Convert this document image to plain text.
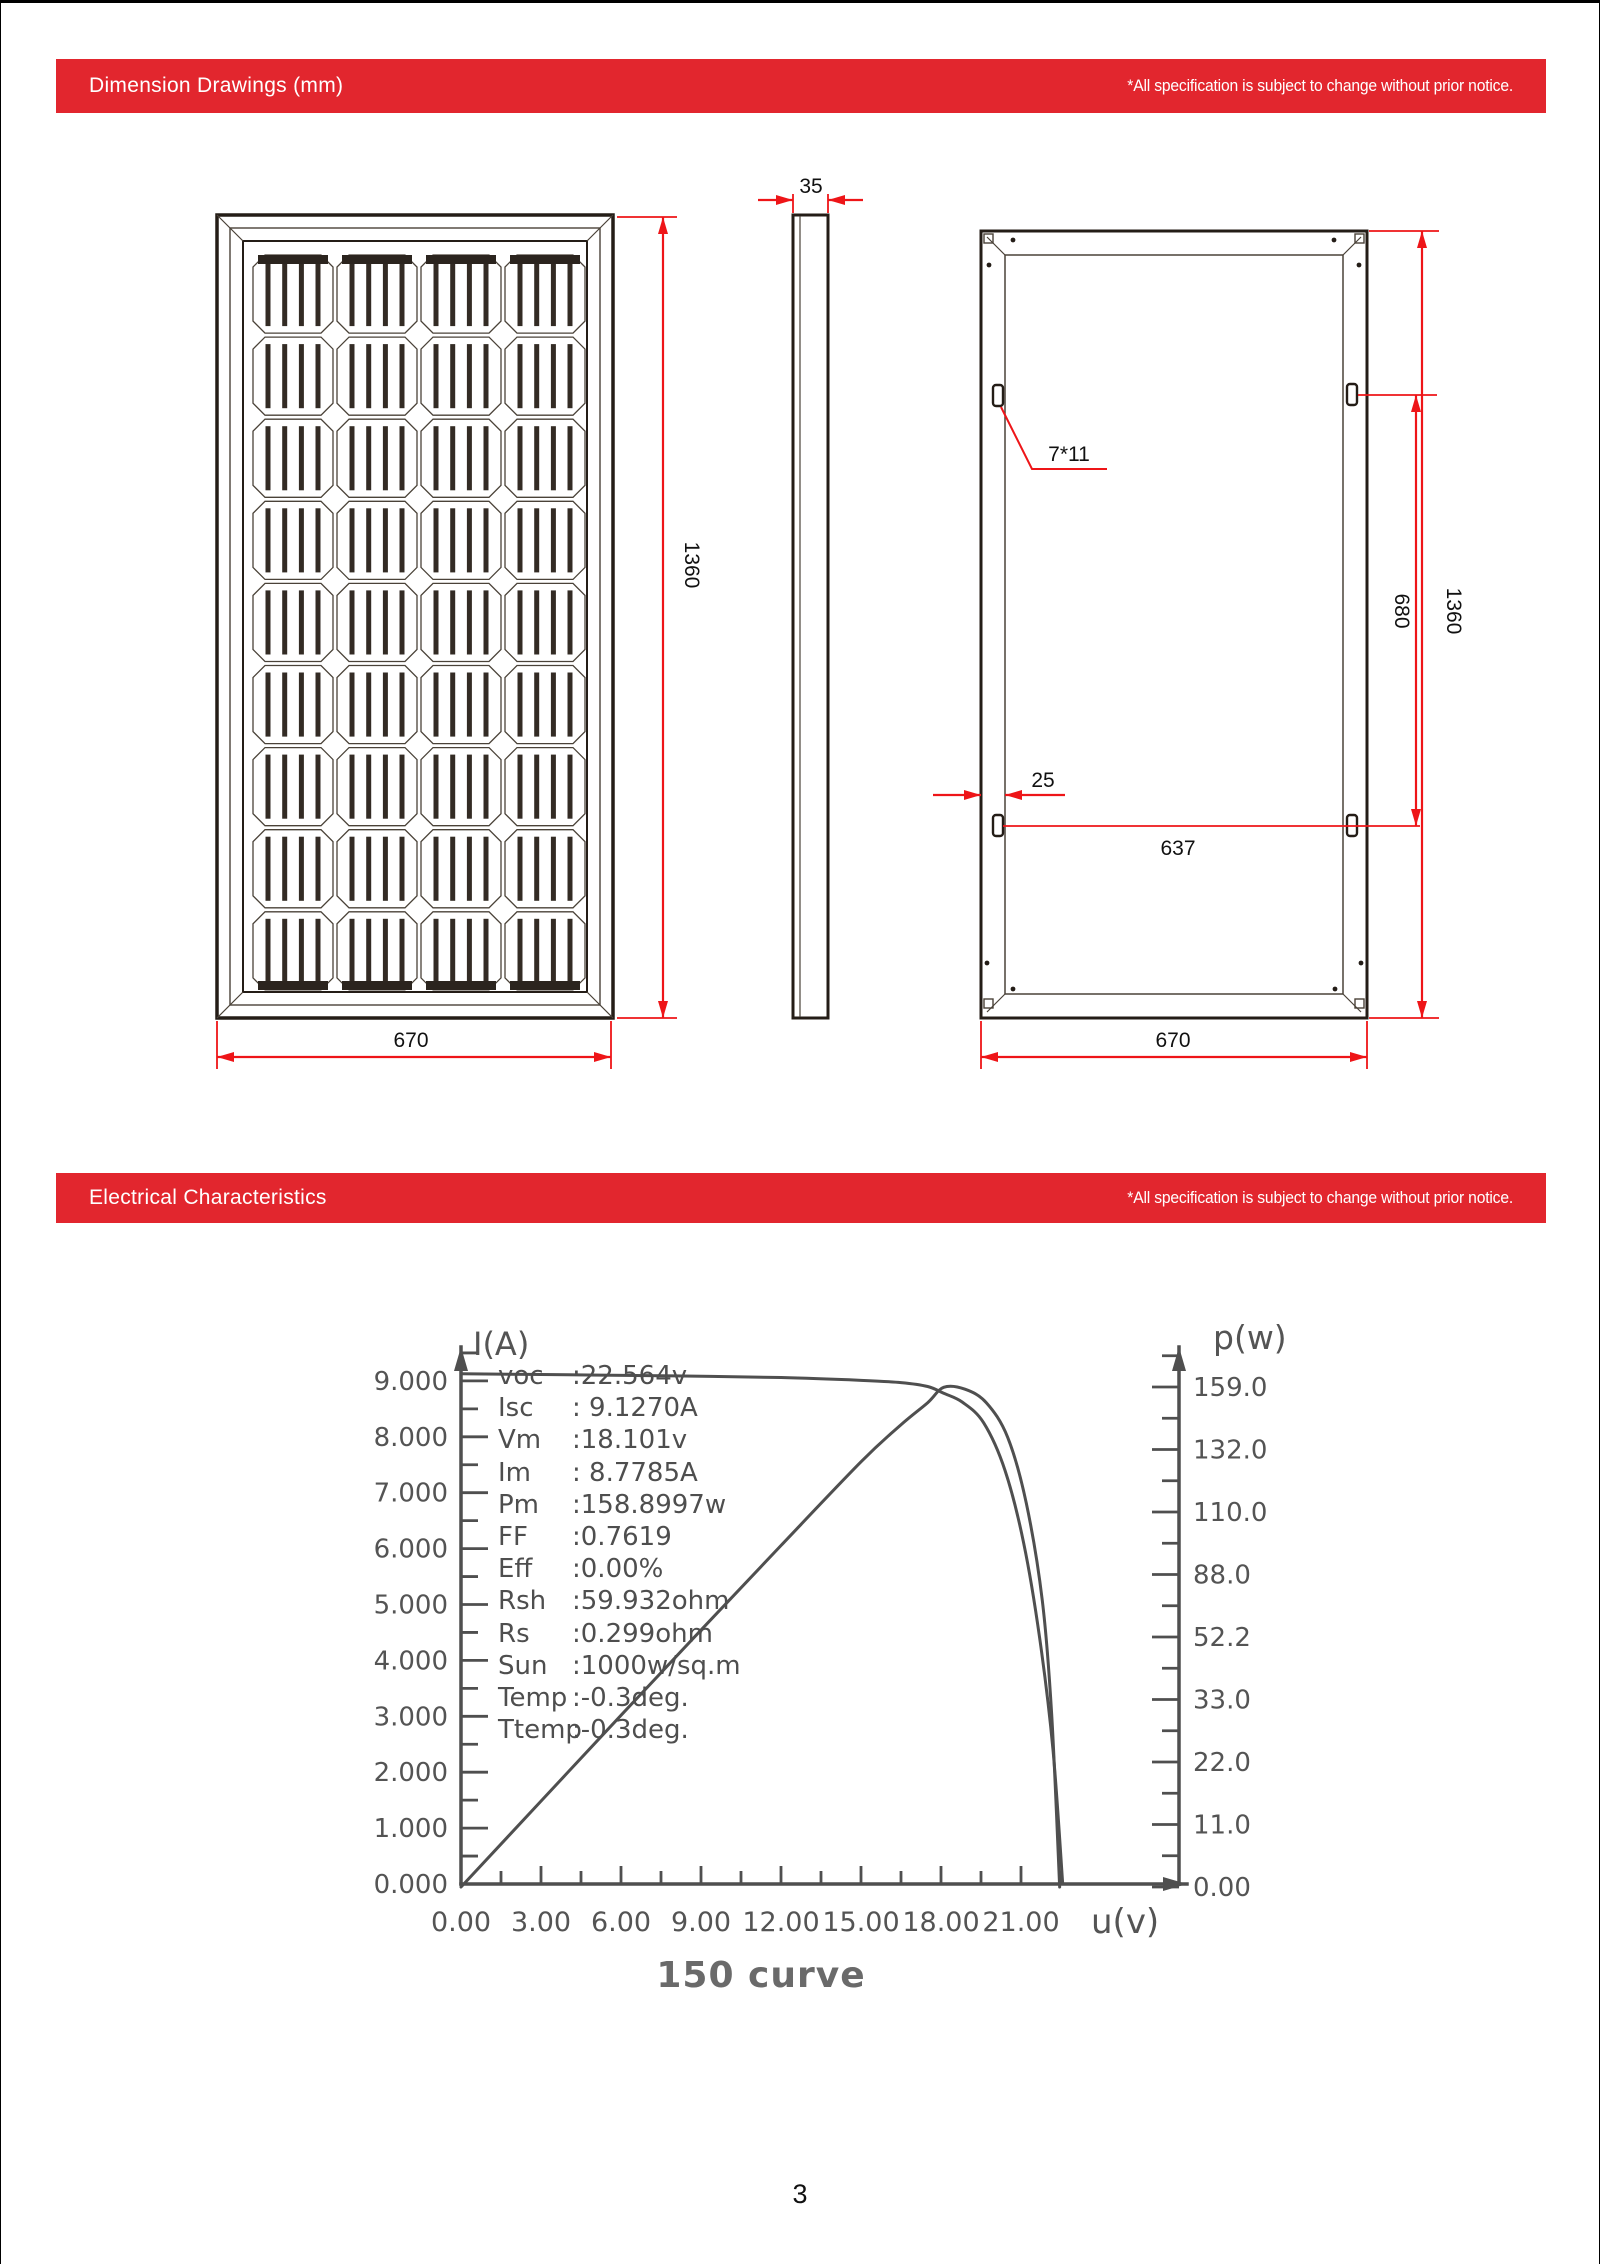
Dimension Drawings (mm)	*All specification is subject to change without prior notice.
1360
670
35
7*11
25
637
680 1360
670
Electrical Characteristics	*All specification is subject to change without prior notice.
0.000
1.000
2.000
3.000
4.000
5.000
6.000
7.000
8.000
9.000
0.00 3.00 6.00 9.00 12.00 15.00 18.00 21.00
0.00
11.0
22.0
33.0
52.2
88.0
110.0
132.0
159.0
I(A)	p(w)
u(v)
voc	:22.564v
Isc	: 9.1270A
Vm	:18.101v
Im	: 8.7785A
Pm	:158.8997w
FF	:0.7619
Eff	:0.00%
Rsh :59.932ohm
Rs	:0.299ohm
Sun :1000w/sq.m
Temp :-0.3deg.
Ttemp
:-0.3deg.
150 curve
3
